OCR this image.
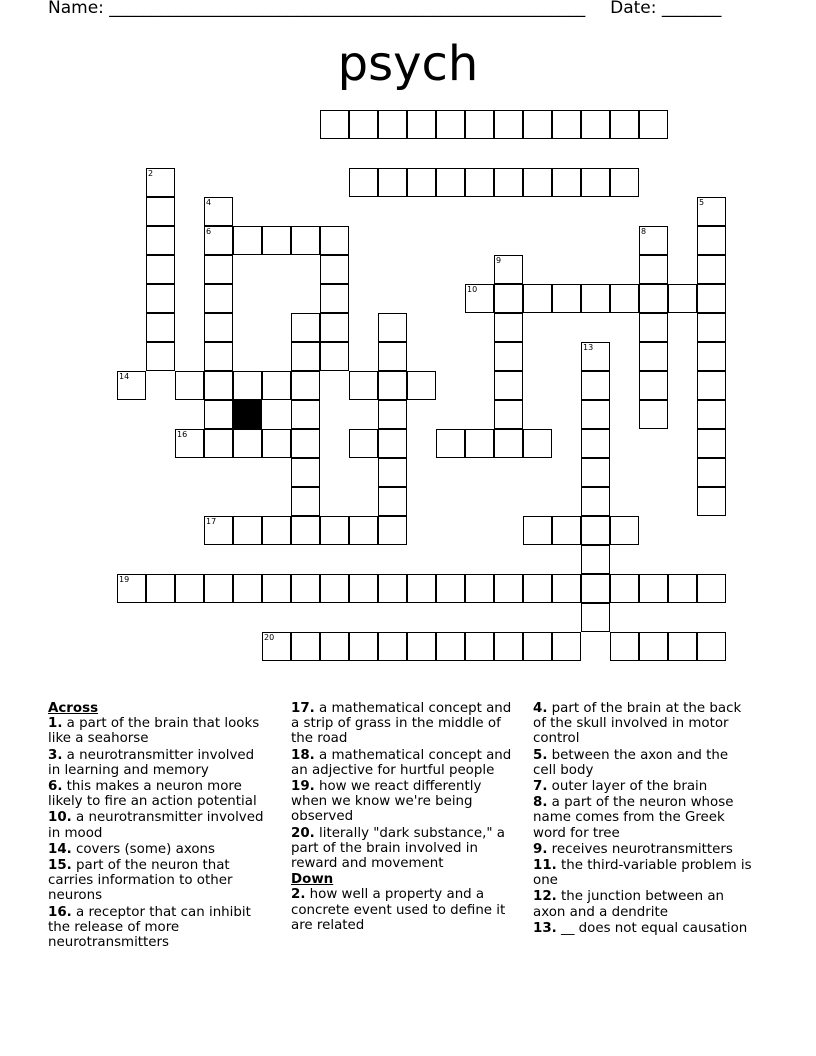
Name: ________________________________________________________ Date: _______
psych
2
4
6
5
8
9
10
13
14
16
17
19
20
Across
1. a part of the brain that looks like a seahorse
3. a neurotransmitter involved in learning and memory
6. this makes a neuron more likely to fire an action potential
10. a neurotransmitter involved in mood
14. covers (some) axons
15. part of the neuron that carries information to other neurons
16. a receptor that can inhibit the release of more neurotransmitters
17. a mathematical concept and a strip of grass in the middle of the road
18. a mathematical concept and an adjective for hurtful people
19. how we react differently when we know we're being observed
20. literally "dark substance," a part of the brain involved in reward and movement
Down
2. how well a property and a concrete event used to define it are related
4. part of the brain at the back of the skull involved in motor control
5. between the axon and the cell body
7. outer layer of the brain
8. a part of the neuron whose name comes from the Greek word for tree
9. receives neurotransmitters
11. the third-variable problem is one
12. the junction between an axon and a dendrite
13. __ does not equal causation
